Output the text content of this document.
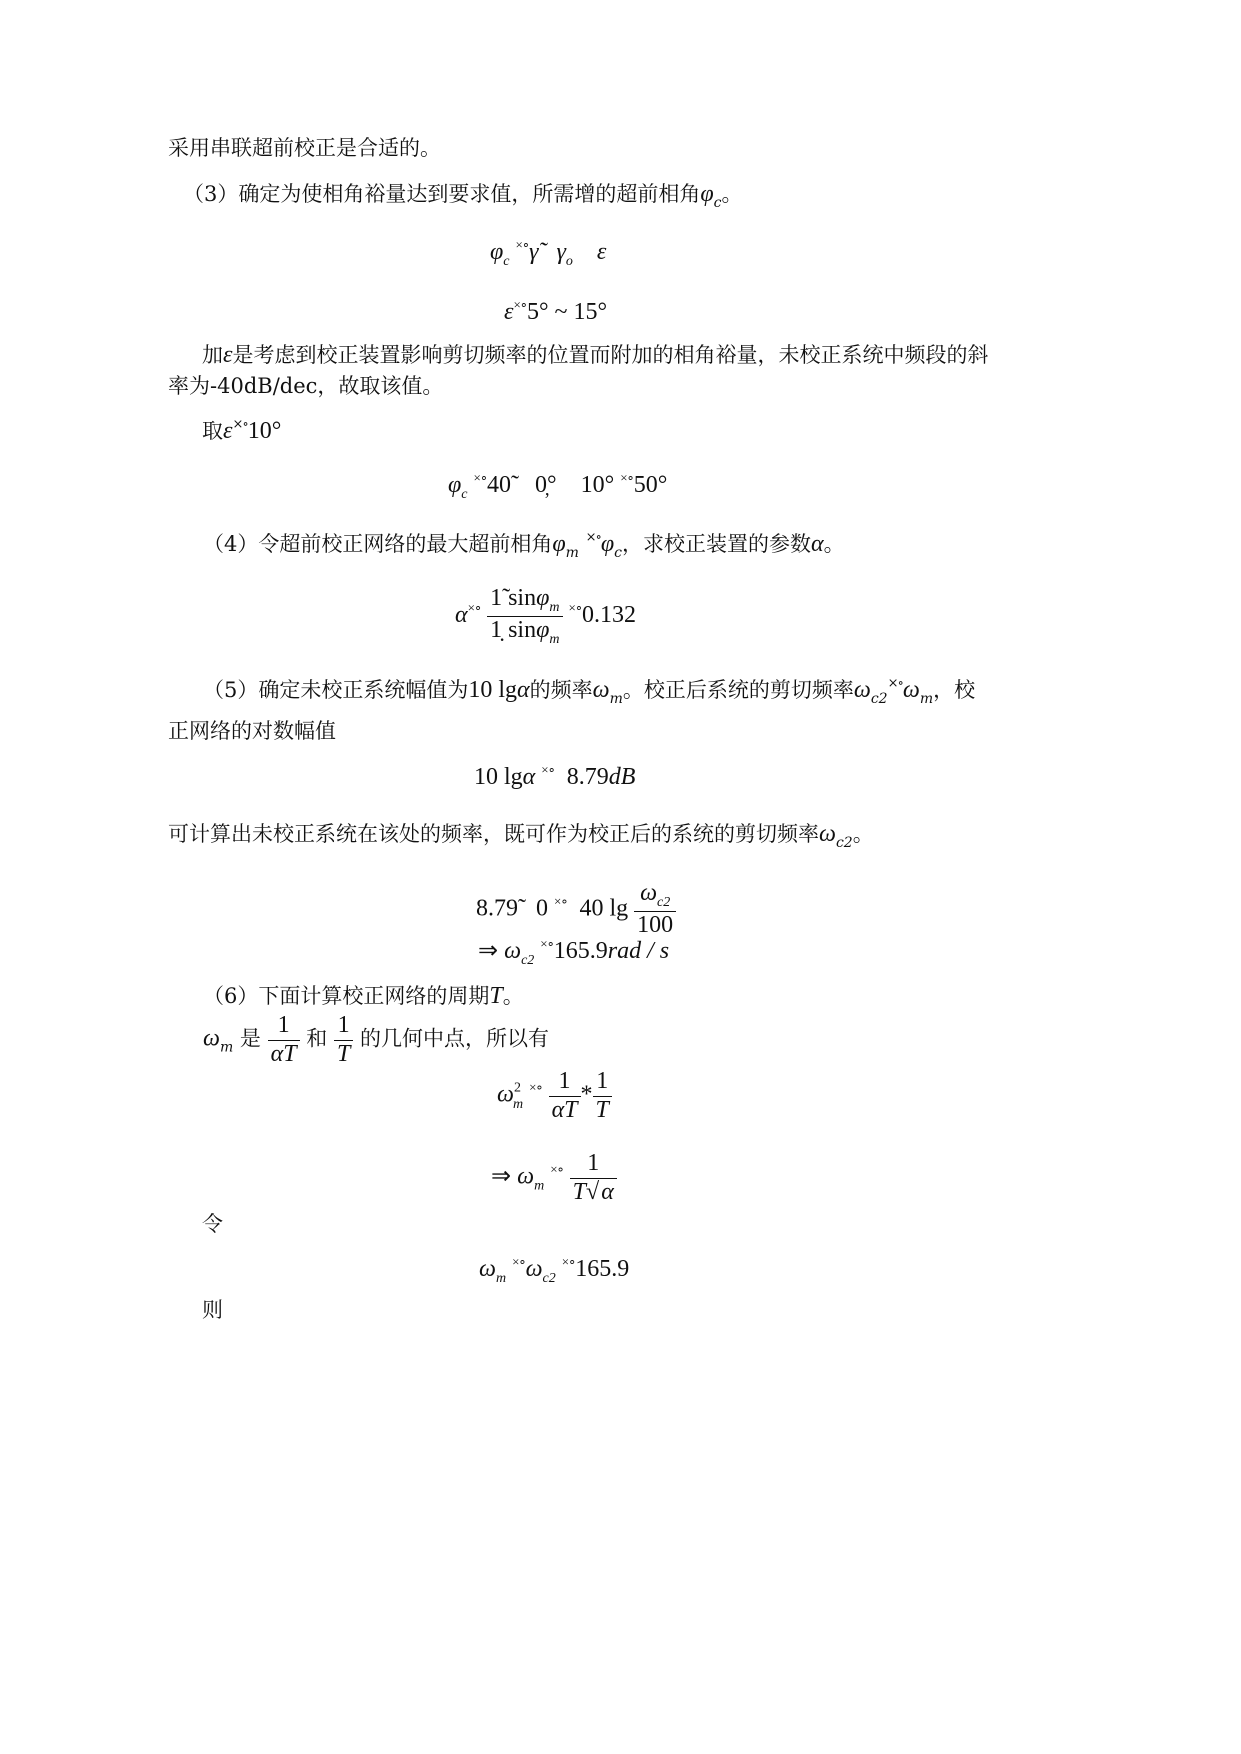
采用串联超前校正是合适的。
（3）确定为使相角裕量达到要求值，所需增的超前相角$\varphi_c$。
$\varphi_c$ ×∘γ̃ $\gamma_o$ ε
ε×∘5° ~ 15°
加ε是考虑到校正装置影响剪切频率的位置而附加的相角裕量，未校正系统中频段的斜
率为-40dB/dec，故取该值。
取ε×∘10°
$\varphi_c$ ×∘40̃ 0̦° 10° ×∘50°
（4）令超前校正网络的最大超前相角$\varphi_m$ $^{\times\circ}\varphi_c$，求校正装置的参数α。
$\alpha^{\times\circ} \frac{1̃ \sin\varphi_m}{1̣ \sin\varphi_m} ^{\times\circ}0.132$
（5）确定未校正系统幅值为10 lgα的频率$\omega_m$。校正后系统的剪切频率$\omega_{c2}^{\times\circ}\omega_m$，校
正网络的对数幅值
10 lgα ×∘ 8.79dB
可计算出未校正系统在该处的频率，既可作为校正后的系统的剪切频率$\omega_{c2}$。
8.79̃ 0 ×∘ 40 $\lg \frac{\omega_{c2}}{100}$
⇒ $\omega_{c2}$ ×∘165.9rad / s
（6）下面计算校正网络的周期T。
$\omega_m$ 是 $\frac{1}{\alpha T}$ 和 $\frac{1}{T}$ 的几何中点，所以有
$\omega^2_m$ $^{\times\circ} \frac{1}{\alpha T} * \frac{1}{T}$
⇒ $\omega_m$ $^{\times\circ} \frac{1}{T√\alpha}$
令
$\omega_m$ $^{\times\circ}\omega_{c2}$ ×∘165.9
则
